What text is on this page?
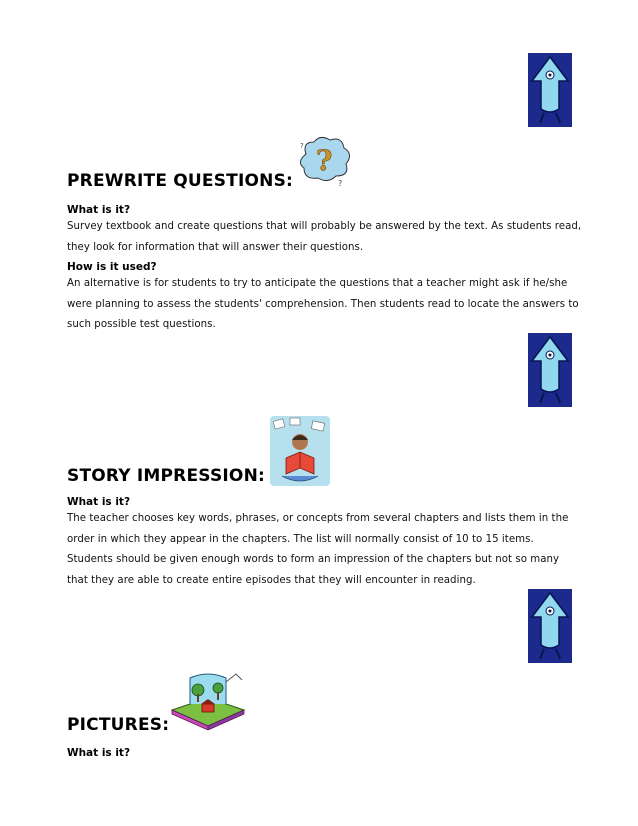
?
?
?
PREWRITE QUESTIONS:

What is it?

Survey textbook and create questions that will probably be answered by the text. As students read, they look for information that will answer their questions.

How is it used?

An alternative is for students to try to anticipate the questions that a teacher might ask if he/she were planning to assess the students' comprehension. Then students read to locate the answers to such possible test questions.

STORY IMPRESSION:

What is it?

The teacher chooses key words, phrases, or concepts from several chapters and lists them in the order in which they appear in the chapters. The list will normally consist of 10 to 15 items. Students should be given enough words to form an impression of the chapters but not so many that they are able to create entire episodes that they will encounter in reading.

PICTURES:

What is it?
